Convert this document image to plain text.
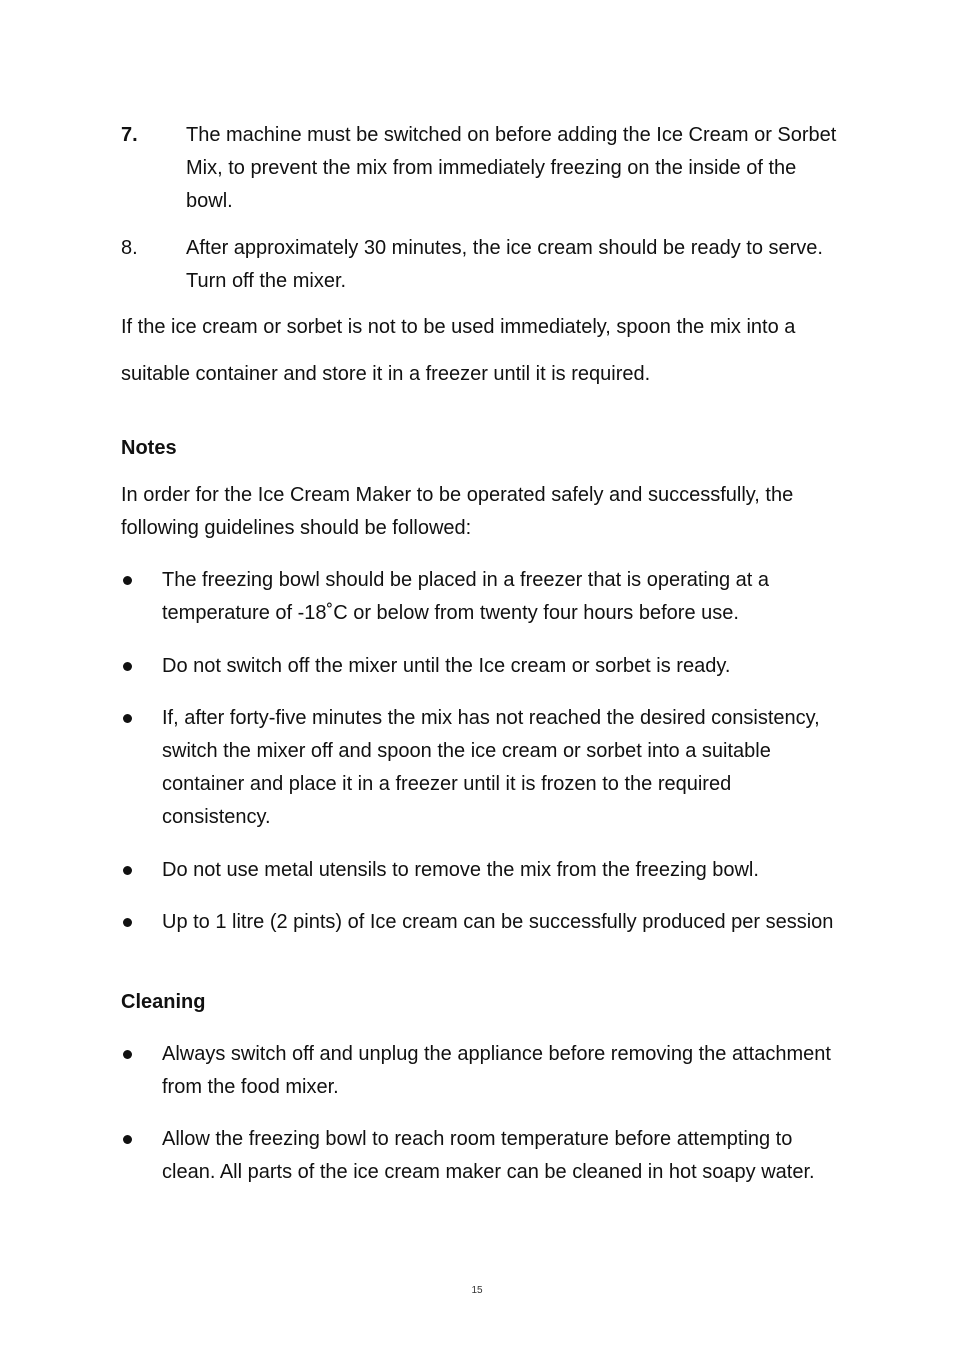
7. The machine must be switched on before adding the Ice Cream or Sorbet Mix, to prevent the mix from immediately freezing on the inside of the bowl.
8. After approximately 30 minutes, the ice cream should be ready to serve. Turn off the mixer.
If the ice cream or sorbet is not to be used immediately, spoon the mix into a suitable container and store it in a freezer until it is required.
Notes
In order for the Ice Cream Maker to be operated safely and successfully, the following guidelines should be followed:
The freezing bowl should be placed in a freezer that is operating at a temperature of -18˚C or below from twenty four hours before use.
Do not switch off the mixer until the Ice cream or sorbet is ready.
If, after forty-five minutes the mix has not reached the desired consistency, switch the mixer off and spoon the ice cream or sorbet into a suitable container and place it in a freezer until it is frozen to the required consistency.
Do not use metal utensils to remove the mix from the freezing bowl.
Up to 1 litre (2 pints) of Ice cream can be successfully produced per session
Cleaning
Always switch off and unplug the appliance before removing the attachment from the food mixer.
Allow the freezing bowl to reach room temperature before attempting to clean. All parts of the ice cream maker can be cleaned in hot soapy water.
15
